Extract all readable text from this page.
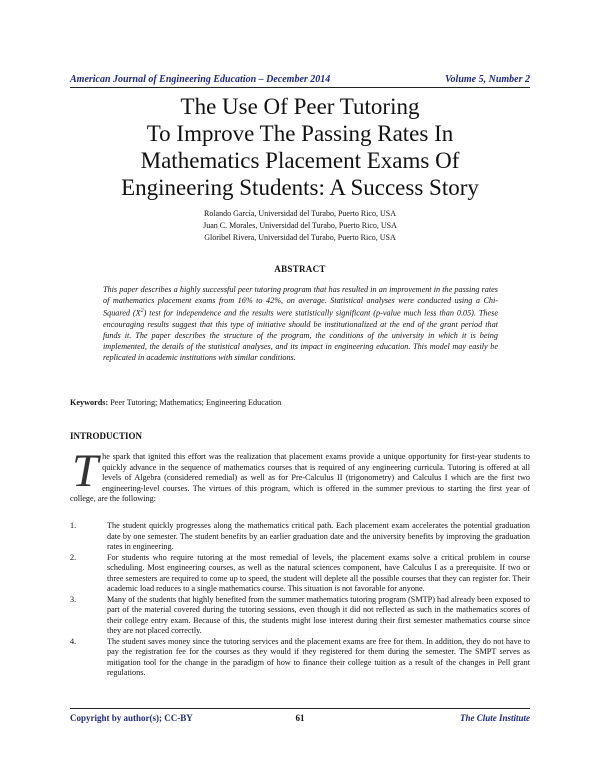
American Journal of Engineering Education – December 2014	Volume 5, Number 2
The Use Of Peer Tutoring
To Improve The Passing Rates In
Mathematics Placement Exams Of
Engineering Students: A Success Story
Rolando García, Universidad del Turabo, Puerto Rico, USA
Juan C. Morales, Universidad del Turabo, Puerto Rico, USA
Gloribel Rivera, Universidad del Turabo, Puerto Rico, USA
ABSTRACT
This paper describes a highly successful peer tutoring program that has resulted in an improvement in the passing rates of mathematics placement exams from 16% to 42%, on average. Statistical analyses were conducted using a Chi-Squared $(X^2)$ test for independence and the results were statistically significant (p-value much less than 0.05). These encouraging results suggest that this type of initiative should be institutionalized at the end of the grant period that funds it. The paper describes the structure of the program, the conditions of the university in which it is being implemented, the details of the statistical analyses, and its impact in engineering education. This model may easily be replicated in academic institutions with similar conditions.
Keywords: Peer Tutoring; Mathematics; Engineering Education
INTRODUCTION
The spark that ignited this effort was the realization that placement exams provide a unique opportunity for first-year students to quickly advance in the sequence of mathematics courses that is required of any engineering curricula. Tutoring is offered at all levels of Algebra (considered remedial) as well as for Pre-Calculus II (trigonometry) and Calculus I which are the first two engineering-level courses. The virtues of this program, which is offered in the summer previous to starting the first year of college, are the following:
1.	The student quickly progresses along the mathematics critical path. Each placement exam accelerates the potential graduation date by one semester. The student benefits by an earlier graduation date and the university benefits by improving the graduation rates in engineering.
2.	For students who require tutoring at the most remedial of levels, the placement exams solve a critical problem in course scheduling. Most engineering courses, as well as the natural sciences component, have Calculus I as a prerequisite. If two or three semesters are required to come up to speed, the student will deplete all the possible courses that they can register for. Their academic load reduces to a single mathematics course. This situation is not favorable for anyone.
3.	Many of the students that highly benefited from the summer mathematics tutoring program (SMTP) had already been exposed to part of the material covered during the tutoring sessions, even though it did not reflected as such in the mathematics scores of their college entry exam. Because of this, the students might lose interest during their first semester mathematics course since they are not placed correctly.
4.	The student saves money since the tutoring services and the placement exams are free for them. In addition, they do not have to pay the registration fee for the courses as they would if they registered for them during the semester. The SMPT serves as mitigation tool for the change in the paradigm of how to finance their college tuition as a result of the changes in Pell grant regulations.
Copyright by author(s); CC-BY	61	The Clute Institute
